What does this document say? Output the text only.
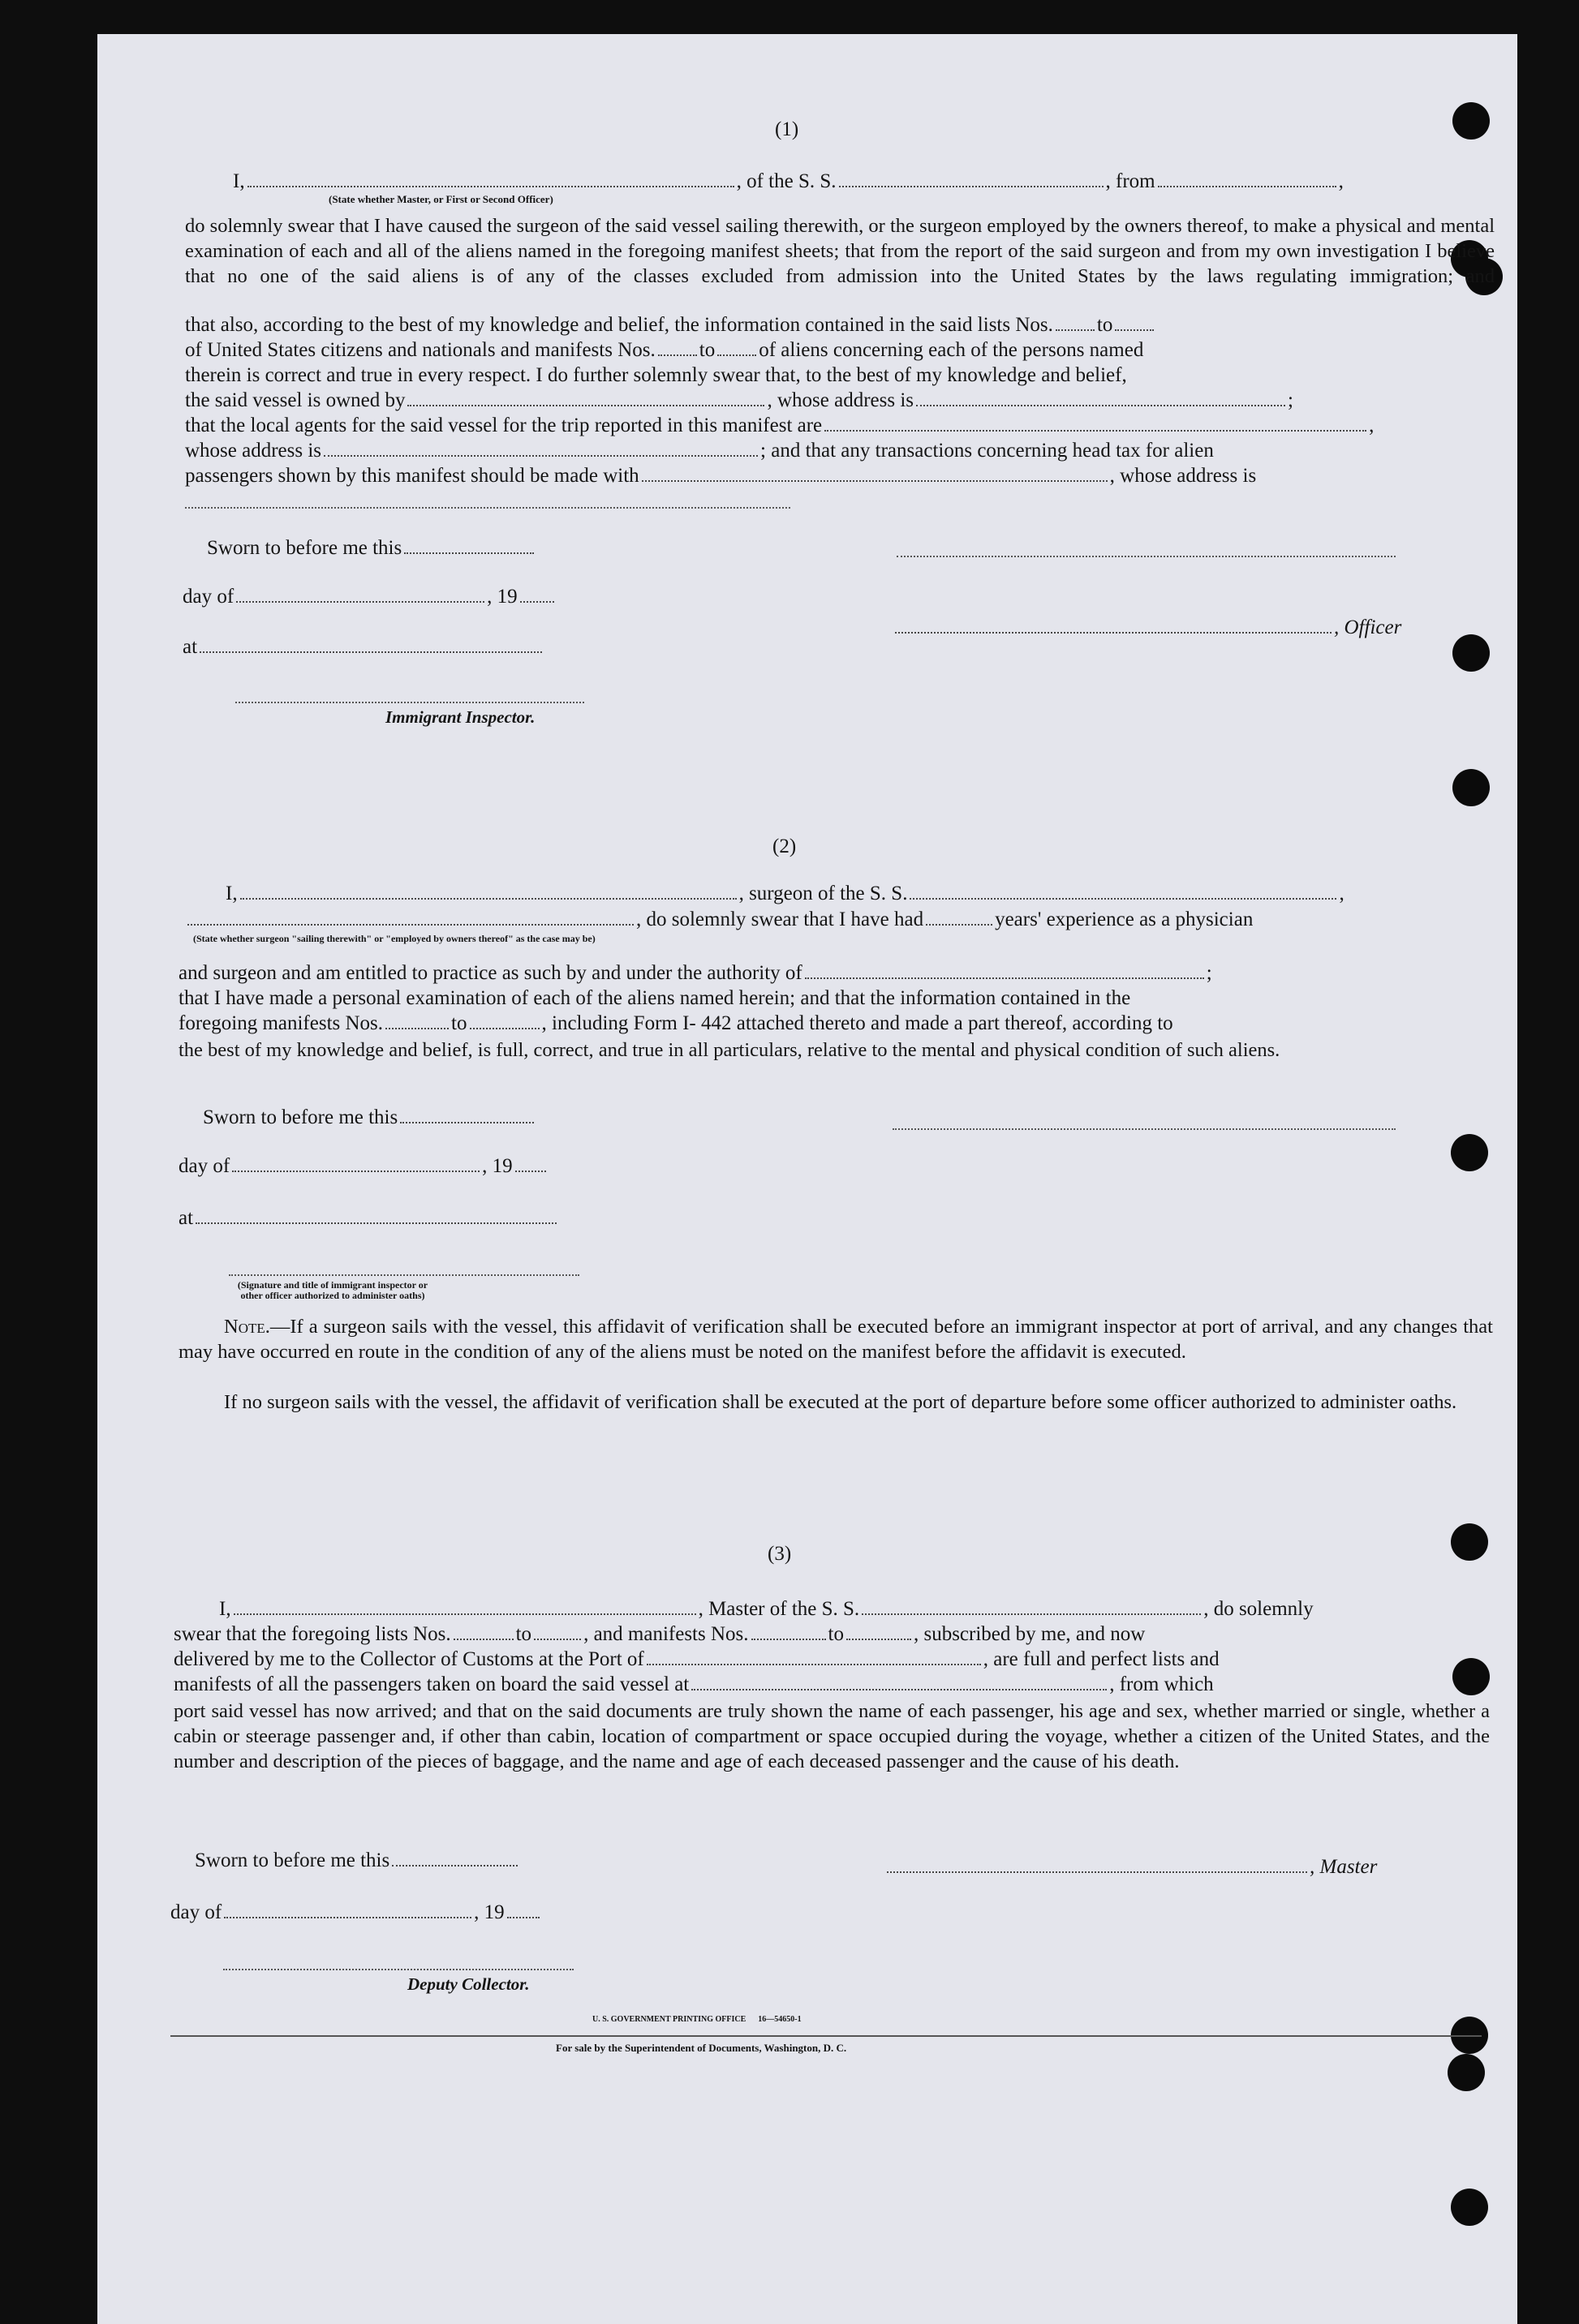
(1)
I,	, of the S. S.	, from	,
(State whether Master, or First or Second Officer)
do solemnly swear that I have caused the surgeon of the said vessel sailing therewith, or the surgeon employed by the owners thereof, to make a physical and mental examination of each and all of the aliens named in the foregoing manifest sheets; that from the report of the said surgeon and from my own investigation I believe that no one of the said aliens is of any of the classes excluded from admission into the United States by the laws regulating immigration; and
that also, according to the best of my knowledge and belief, the information contained in the said lists Nos. to
of United States citizens and nationals and manifests Nos. to of aliens concerning each of the persons named
therein is correct and true in every respect. I do further solemnly swear that, to the best of my knowledge and belief,
the said vessel is owned by	, whose address is	;
that the local agents for the said vessel for the trip reported in this manifest are	,
whose address is	; and that any transactions concerning head tax for alien
passengers shown by this manifest should be made with	, whose address is
Sworn to before me this
day of	, 19
, Officer
at
Immigrant Inspector.
(2)
I,	, surgeon of the S. S.	,
, do solemnly swear that I have had	years' experience as a physician
(State whether surgeon "sailing therewith" or "employed by owners thereof" as the case may be)
and surgeon and am entitled to practice as such by and under the authority of	;
that I have made a personal examination of each of the aliens named herein; and that the information contained in the
foregoing manifests Nos.	to	, including Form I- 442 attached thereto and made a part thereof, according to
the best of my knowledge and belief, is full, correct, and true in all particulars, relative to the mental and physical condition of such aliens.
Sworn to before me this
day of	, 19
at
(Signature and title of immigrant inspector or other officer authorized to administer oaths)
Note.—If a surgeon sails with the vessel, this affidavit of verification shall be executed before an immigrant inspector at port of arrival, and any changes that may have occurred en route in the condition of any of the aliens must be noted on the manifest before the affidavit is executed.
If no surgeon sails with the vessel, the affidavit of verification shall be executed at the port of departure before some officer authorized to administer oaths.
(3)
I,	, Master of the S. S.	, do solemnly
swear that the foregoing lists Nos.	to	, and manifests Nos.	to	, subscribed by me, and now
delivered by me to the Collector of Customs at the Port of	, are full and perfect lists and
manifests of all the passengers taken on board the said vessel at	, from which
port said vessel has now arrived; and that on the said documents are truly shown the name of each passenger, his age and sex, whether married or single, whether a cabin or steerage passenger and, if other than cabin, location of compartment or space occupied during the voyage, whether a citizen of the United States, and the number and description of the pieces of baggage, and the name and age of each deceased passenger and the cause of his death.
Sworn to before me this	, Master
day of	, 19
Deputy Collector.
U. S. GOVERNMENT PRINTING OFFICE      16—54650-1
For sale by the Superintendent of Documents, Washington, D. C.
